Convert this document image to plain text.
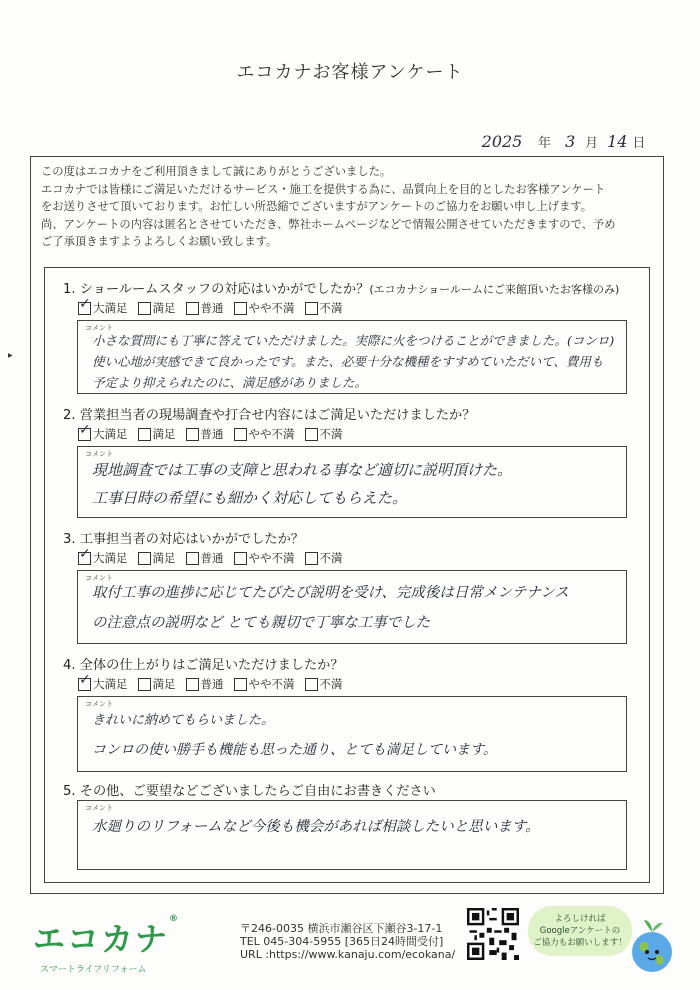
エコカナお客様アンケート
2025 年 3 月 14 日
▶
この度はエコカナをご利用頂きまして誠にありがとうございました。
エコカナでは皆様にご満足いただけるサービス・施工を提供する為に、品質向上を目的としたお客様アンケート
をお送りさせて頂いております。お忙しい所恐縮でございますがアンケートのご協力をお願い申し上げます。
尚、アンケートの内容は匿名とさせていただき、弊社ホームページなどで情報公開させていただきますので、予め
ご了承頂きますようよろしくお願い致します。
1. ショールームスタッフの対応はいかがでしたか？(エコカナショールームにご来館頂いたお客様のみ)
✓
大満足 満足 普通 やや不満 不満
コメント
小さな質問にも丁寧に答えていただけました。実際に火をつけることができました。(コンロ)
使い心地が実感できて良かったです。また、必要十分な機種をすすめていただいて、費用も
予定より抑えられたのに、満足感がありました。
2. 営業担当者の現場調査や打合せ内容にはご満足いただけましたか？
✓
大満足 満足 普通 やや不満 不満
コメント
現地調査では工事の支障と思われる事など適切に説明頂けた。
工事日時の希望にも細かく対応してもらえた。
3. 工事担当者の対応はいかがでしたか？
✓
大満足 満足 普通 やや不満 不満
コメント
取付工事の進捗に応じてたびたび説明を受け、完成後は日常メンテナンス
の注意点の説明など とても親切で丁寧な工事でした
4. 全体の仕上がりはご満足いただけましたか？
✓
大満足 満足 普通 やや不満 不満
コメント
きれいに納めてもらいました。
コンロの使い勝手も機能も思った通り、とても満足しています。
5. その他、ご要望などございましたらご自由にお書きください
コメント
水廻りのリフォームなど今後も機会があれば相談したいと思います。
エコカナ®
スマートライフリフォーム
〒246-0035 横浜市瀬谷区下瀬谷3-17-1
TEL 045-304-5955 [365日24時間受付]
URL :https://www.kanaju.com/ecokana/
よろしければ
Googleアンケートの
ご協力もお願いします！
